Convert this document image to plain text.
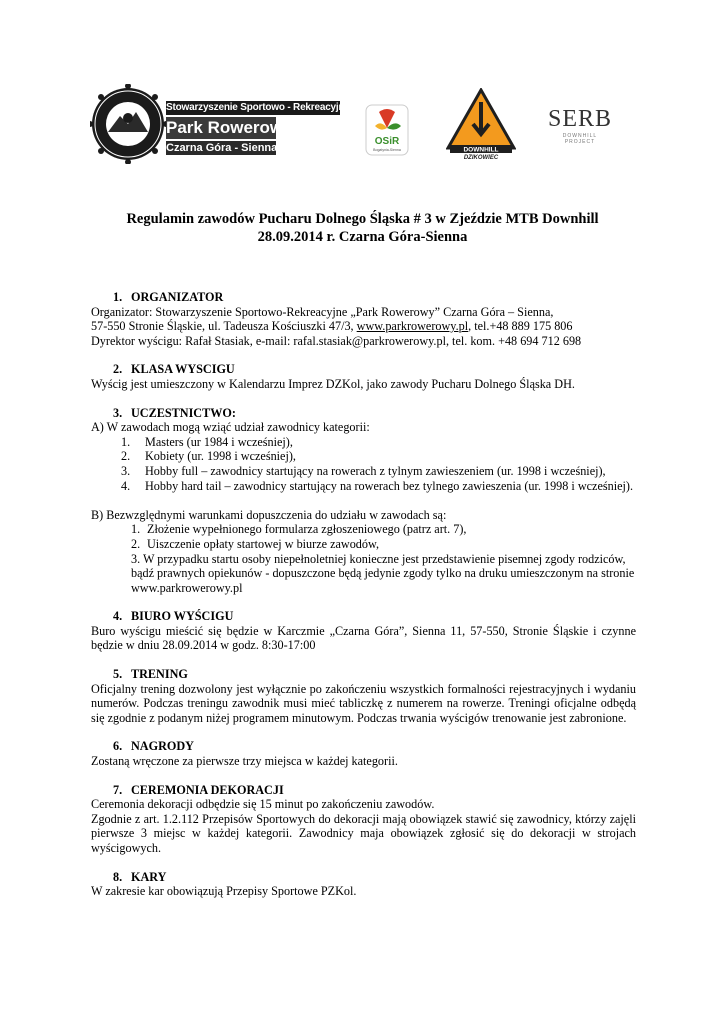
Stowarzyszenie Sportowo - Rekreacyjne
Park Rowerowy
Czarna Góra - Sienna
OSiR
Bogatynia-Sienna	DOWNHILL
DZIKOWIEC
SERB
DOWNHILL PROJECT
Regulamin zawodów Pucharu Dolnego Śląska # 3 w Zjeździe MTB Downhill
28.09.2014 r. Czarna Góra-Sienna

1. ORGANIZATOR

Organizator: Stowarzyszenie Sportowo-Rekreacyjne „Park Rowerowy” Czarna Góra – Sienna,

57-550 Stronie Śląskie, ul. Tadeusza Kościuszki 47/3, www.parkrowerowy.pl, tel.+48 889 175 806

Dyrektor wyścigu: Rafał Stasiak, e-mail: rafal.stasiak@parkrowerowy.pl, tel. kom. +48 694 712 698

2. KLASA WYSCIGU

Wyścig jest umieszczony w Kalendarzu Imprez DZKol, jako zawody Pucharu Dolnego Śląska DH.

3. UCZESTNICTWO:

A) W zawodach mogą wziąć udział zawodnicy kategorii:

1.	Masters (ur 1984 i wcześniej),

2.	Kobiety (ur. 1998 i wcześniej),

3.	Hobby full – zawodnicy startujący na rowerach z tylnym zawieszeniem (ur. 1998 i wcześniej),

4.	Hobby hard tail – zawodnicy startujący na rowerach bez tylnego zawieszenia (ur. 1998 i wcześniej).

B) Bezwzględnymi warunkami dopuszczenia do udziału w zawodach są:

1. Złożenie wypełnionego formularza zgłoszeniowego (patrz art. 7),

2. Uiszczenie opłaty startowej w biurze zawodów,

3. W przypadku startu osoby niepełnoletniej konieczne jest przedstawienie pisemnej zgody rodziców,

bądź prawnych opiekunów - dopuszczone będą jedynie zgody tylko na druku umieszczonym na stronie

www.parkrowerowy.pl

4. BIURO WYŚCIGU

Buro wyścigu mieścić się będzie w Karczmie „Czarna Góra”, Sienna 11, 57-550, Stronie Śląskie i czynne będzie w dniu 28.09.2014 w godz. 8:30-17:00

5. TRENING

Oficjalny trening dozwolony jest wyłącznie po zakończeniu wszystkich formalności rejestracyjnych i wydaniu numerów. Podczas treningu zawodnik musi mieć tabliczkę z numerem na rowerze. Treningi oficjalne odbędą się zgodnie z podanym niżej programem minutowym. Podczas trwania wyścigów trenowanie jest zabronione.

6. NAGRODY

Zostaną wręczone za pierwsze trzy miejsca w każdej kategorii.

7. CEREMONIA DEKORACJI

Ceremonia dekoracji odbędzie się 15 minut po zakończeniu zawodów.

Zgodnie z art. 1.2.112 Przepisów Sportowych do dekoracji mają obowiązek stawić się zawodnicy, którzy zajęli pierwsze 3 miejsc w każdej kategorii. Zawodnicy maja obowiązek zgłosić się do dekoracji w strojach wyścigowych.

8. KARY

W zakresie kar obowiązują Przepisy Sportowe PZKol.
